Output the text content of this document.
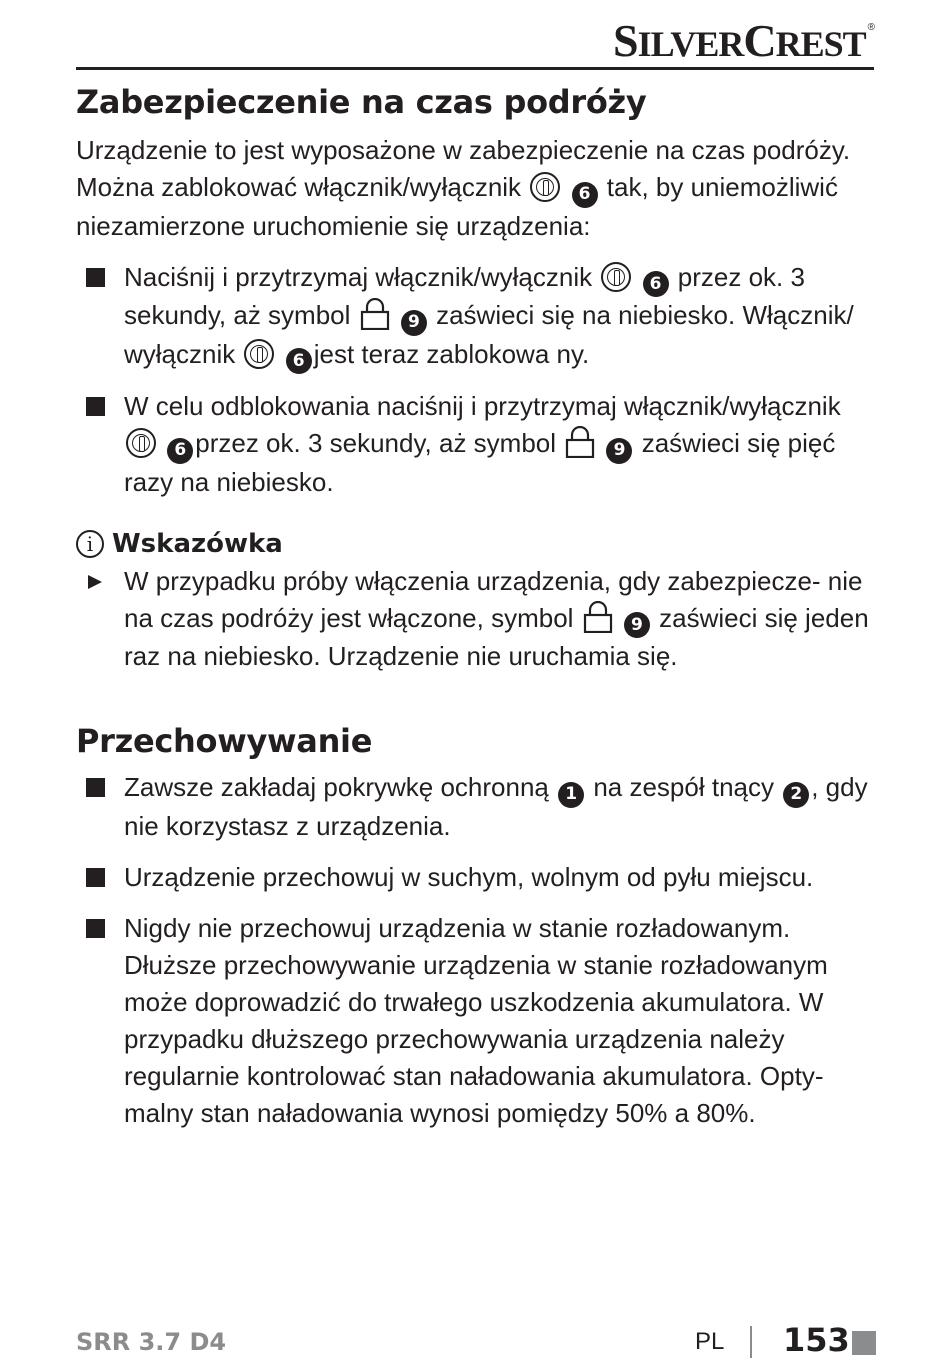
SILVERCREST ®
Zabezpieczenie na czas podróży

Urządzenie to jest wyposażone w zabezpieczenie na czas podróży. Można zablokować włącznik/wyłącznik	6 tak, by uniemożliwić niezamierzone uruchomienie się urządzenia:

Naciśnij i przytrzymaj włącznik/wyłącznik	6 przez ok. 3 sekundy, aż symbol	9 zaświeci się na niebiesko. Włącznik/ wyłącznik	6 jest teraz zablokowa ny.
W celu odblokowania naciśnij i przytrzymaj włącznik/wyłącznik  6 przez ok. 3 sekundy, aż symbol	9 zaświeci się pięć razy na niebiesko.
i Wskazówka
W przypadku próby włączenia urządzenia, gdy zabezpiecze- nie na czas podróży jest włączone, symbol	9 zaświeci się jeden raz na niebiesko. Urządzenie nie uruchamia się.
Przechowywanie
Zawsze zakładaj pokrywkę ochronną 1 na zespół tnący 2 , gdy nie korzystasz z urządzenia.
Urządzenie przechowuj w suchym, wolnym od pyłu miejscu.
Nigdy nie przechowuj urządzenia w stanie rozładowanym. Dłuższe przechowywanie urządzenia w stanie rozładowanym może doprowadzić do trwałego uszkodzenia akumulatora. W przypadku dłuższego przechowywania urządzenia należy regularnie kontrolować stan naładowania akumulatora. Opty- malny stan naładowania wynosi pomiędzy 50% a 80%.
SRR 3.7 D4	PL 153
